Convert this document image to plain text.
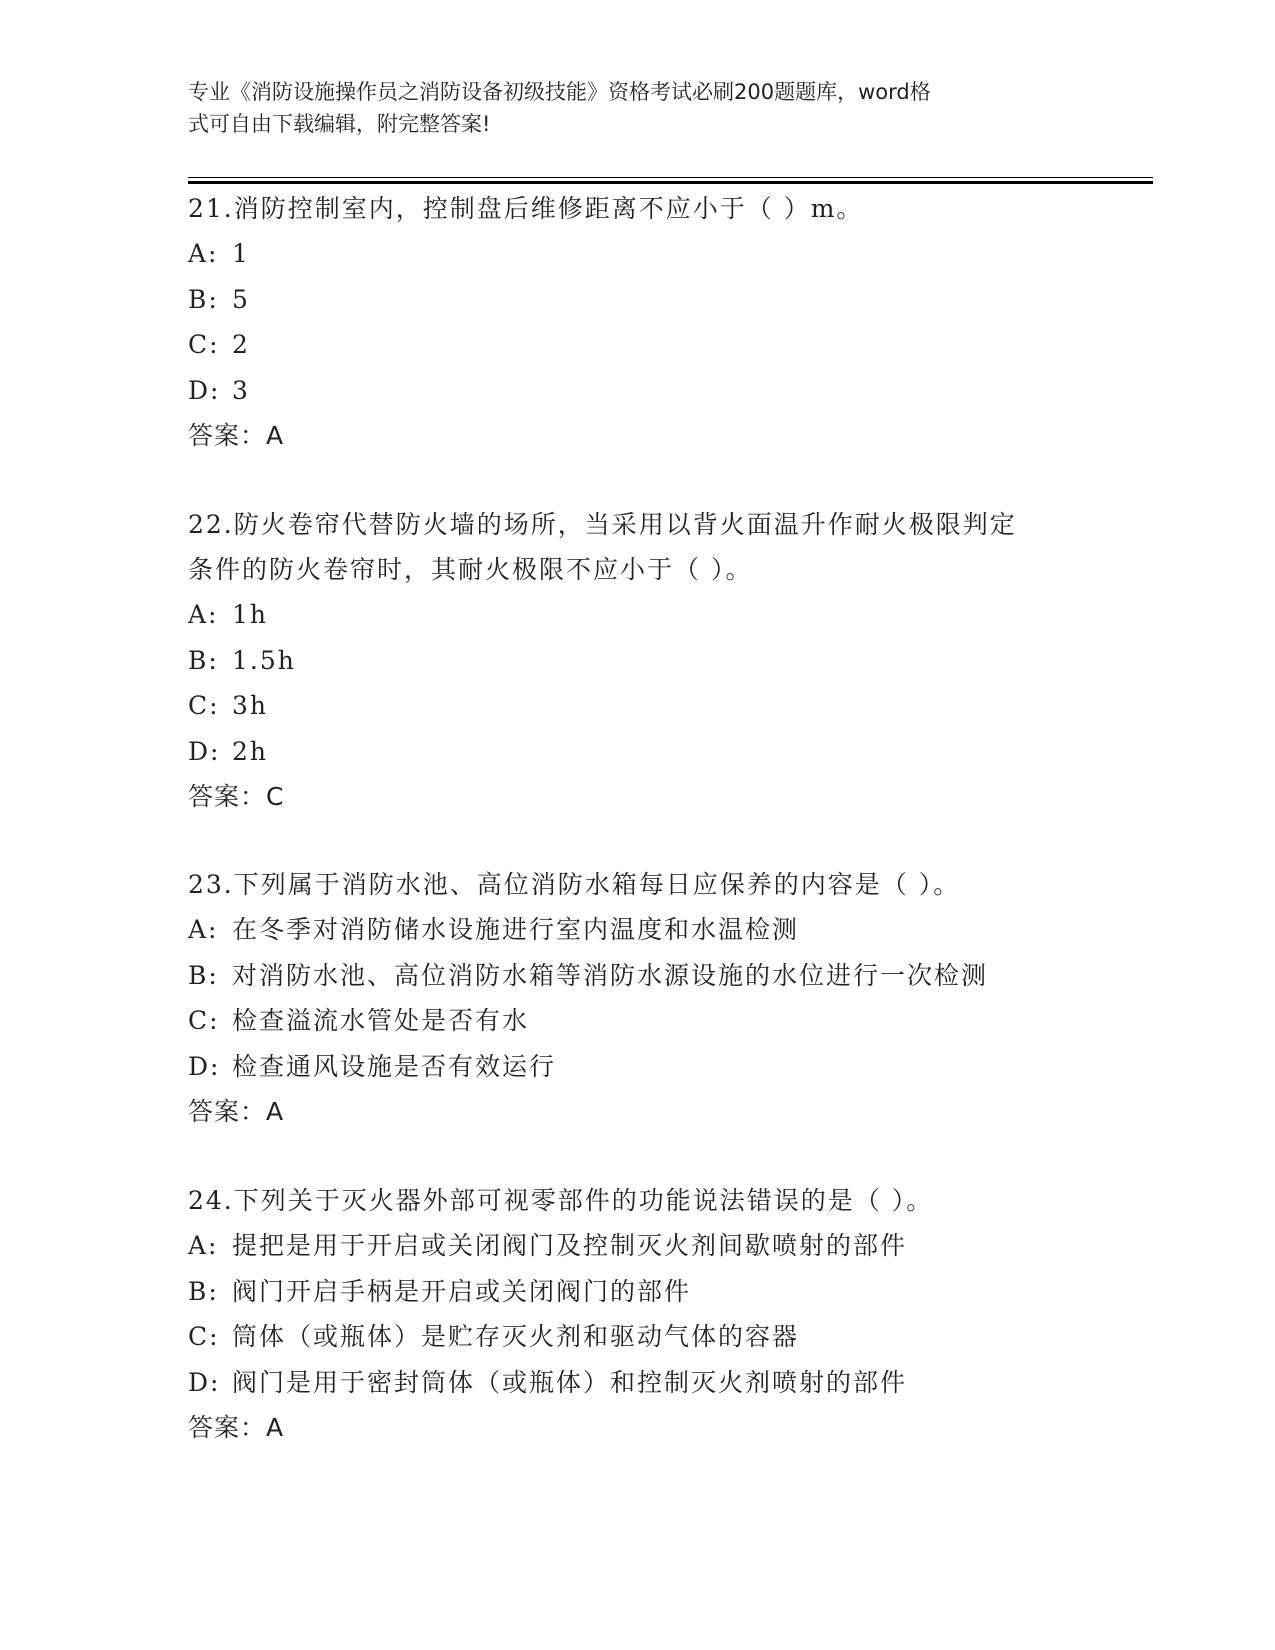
专业《消防设施操作员之消防设备初级技能》资格考试必刷200题题库，word格
式可自由下载编辑，附完整答案!

21.消防控制室内，控制盘后维修距离不应小于（ ）m。

A: 1
B: 5
C: 2
D: 3
答案：A

22.防火卷帘代替防火墙的场所，当采用以背火面温升作耐火极限判定

条件的防火卷帘时，其耐火极限不应小于（ ）。

A: 1h
B: 1.5h
C: 3h
D: 2h
答案：C

23.下列属于消防水池、高位消防水箱每日应保养的内容是（ ）。

A: 在冬季对消防储水设施进行室内温度和水温检测
B: 对消防水池、高位消防水箱等消防水源设施的水位进行一次检测
C: 检查溢流水管处是否有水
D: 检查通风设施是否有效运行
答案：A

24.下列关于灭火器外部可视零部件的功能说法错误的是（ ）。

A: 提把是用于开启或关闭阀门及控制灭火剂间歇喷射的部件
B: 阀门开启手柄是开启或关闭阀门的部件
C: 筒体（或瓶体）是贮存灭火剂和驱动气体的容器
D: 阀门是用于密封筒体（或瓶体）和控制灭火剂喷射的部件
答案：A
